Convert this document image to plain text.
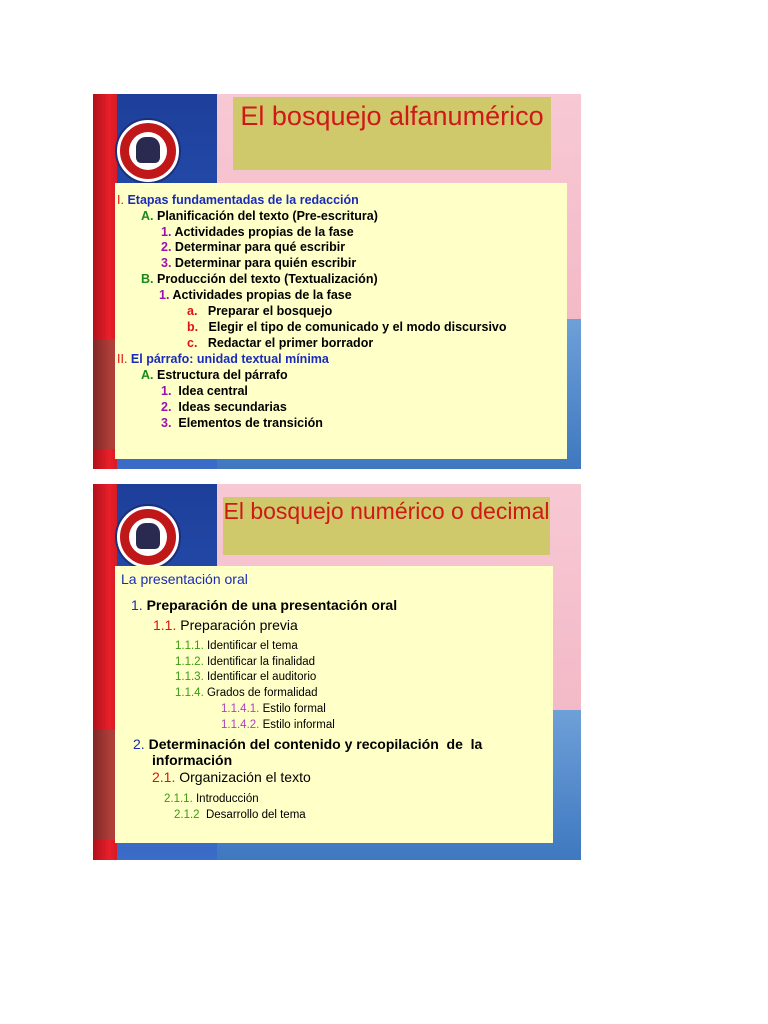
El bosquejo alfanumérico
I. Etapas fundamentadas de la redacción
A. Planificación del texto (Pre-escritura)
1. Actividades propias de la fase
2. Determinar para qué escribir
3. Determinar para quién escribir
B. Producción del texto (Textualización)
1. Actividades propias de la fase
a. Preparar el bosquejo
b. Elegir el tipo de comunicado y el modo discursivo
c. Redactar el primer borrador
II. El párrafo: unidad textual mínima
A. Estructura del párrafo
1. Idea central
2. Ideas secundarias
3. Elementos de transición
El bosquejo numérico o decimal
La presentación oral
1. Preparación de una presentación oral
1.1. Preparación previa
1.1.1. Identificar el tema
1.1.2. Identificar la finalidad
1.1.3. Identificar el auditorio
1.1.4. Grados de formalidad
1.1.4.1. Estilo formal
1.1.4.2. Estilo informal
2. Determinación del contenido y recopilación  de  la
información
2.1. Organización el texto
2.1.1. Introducción
2.1.2 Desarrollo del tema
